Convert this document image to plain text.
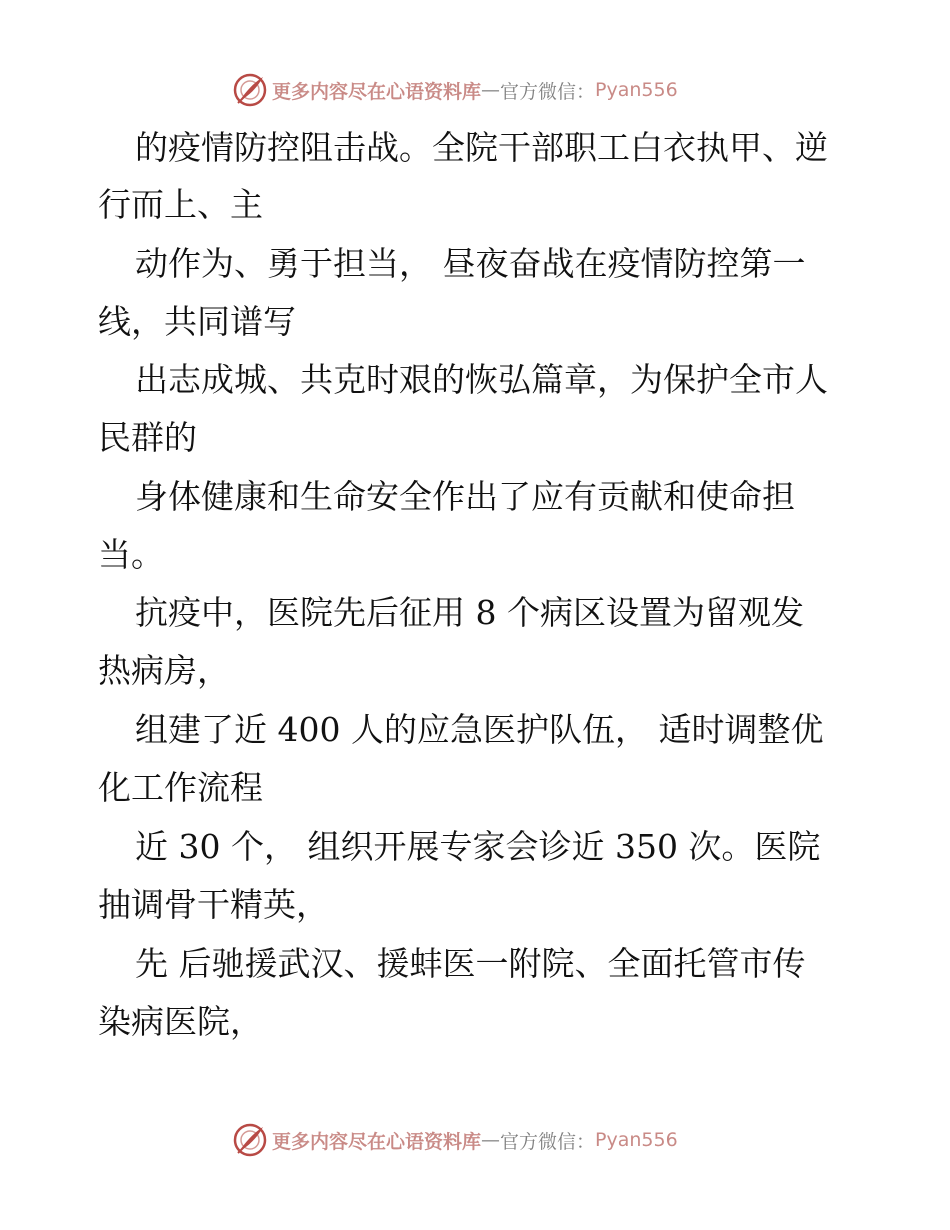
更多内容尽在心语资料库 — 官方微信： Pyan556
的疫情防控阻击战。全院干部职工白衣执甲、逆
行而上、主
动作为、勇于担当， 昼夜奋战在疫情防控第一
线，共同谱写
出志成城、共克时艰的恢弘篇章，为保护全市人
民群的
身体健康和生命安全作出了应有贡献和使命担
当。
抗疫中，医院先后征用 8 个病区设置为留观发
热病房，
组建了近 400 人的应急医护队伍， 适时调整优
化工作流程
近 30 个， 组织开展专家会诊近 350 次。医院
抽调骨干精英，
先 后驰援武汉、援蚌医一附院、全面托管市传
染病医院，
更多内容尽在心语资料库 — 官方微信： Pyan556
